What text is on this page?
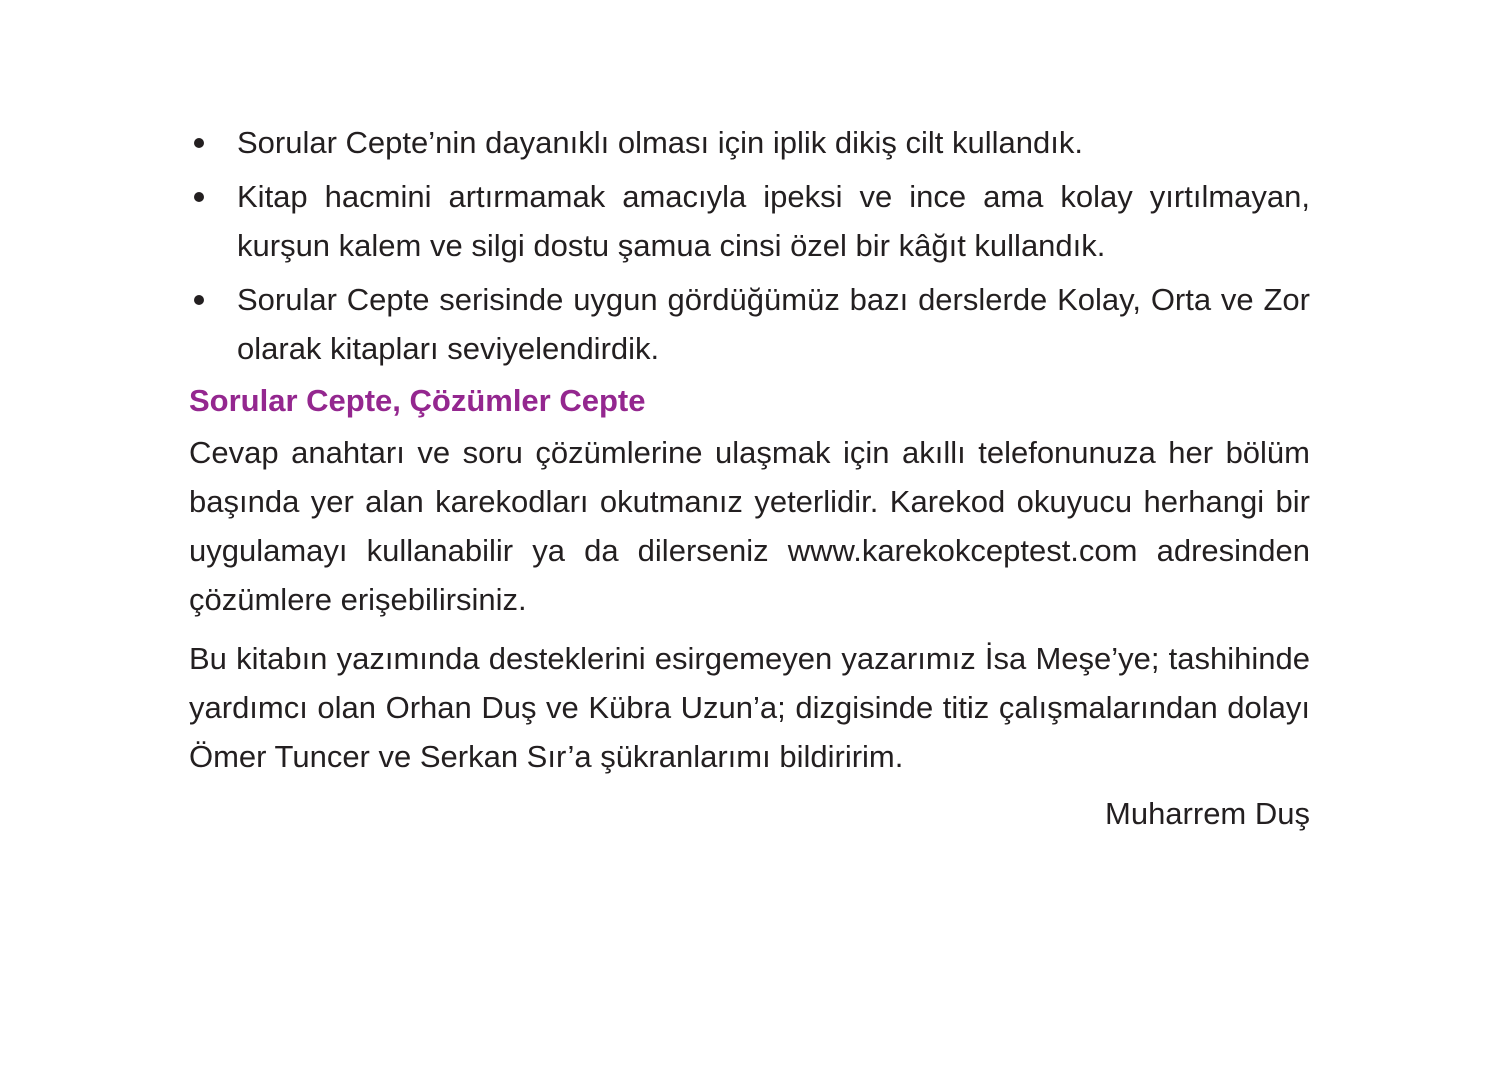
Sorular Cepte’nin dayanıklı olması için iplik dikiş cilt kullandık.
Kitap hacmini artırmamak amacıyla ipeksi ve ince ama kolay yırtılmayan, kurşun kalem ve silgi dostu şamua cinsi özel bir kâğıt kullandık.
Sorular Cepte serisinde uygun gördüğümüz bazı derslerde Kolay, Orta ve Zor olarak kitapları seviyelendirdik.
Sorular Cepte, Çözümler Cepte

Cevap anahtarı ve soru çözümlerine ulaşmak için akıllı telefonunuza her bölüm başında yer alan karekodları okutmanız yeterlidir. Karekod okuyucu herhangi bir uygulamayı kullanabilir ya da dilerseniz www.karekokceptest.com adresinden çözümlere erişebilirsiniz.

Bu kitabın yazımında desteklerini esirgemeyen yazarımız İsa Meşe’ye; tashihinde yardımcı olan Orhan Duş ve Kübra Uzun’a; dizgisinde titiz çalışmalarından dolayı Ömer Tuncer ve Serkan Sır’a şükranlarımı bildiririm.

Muharrem Duş
